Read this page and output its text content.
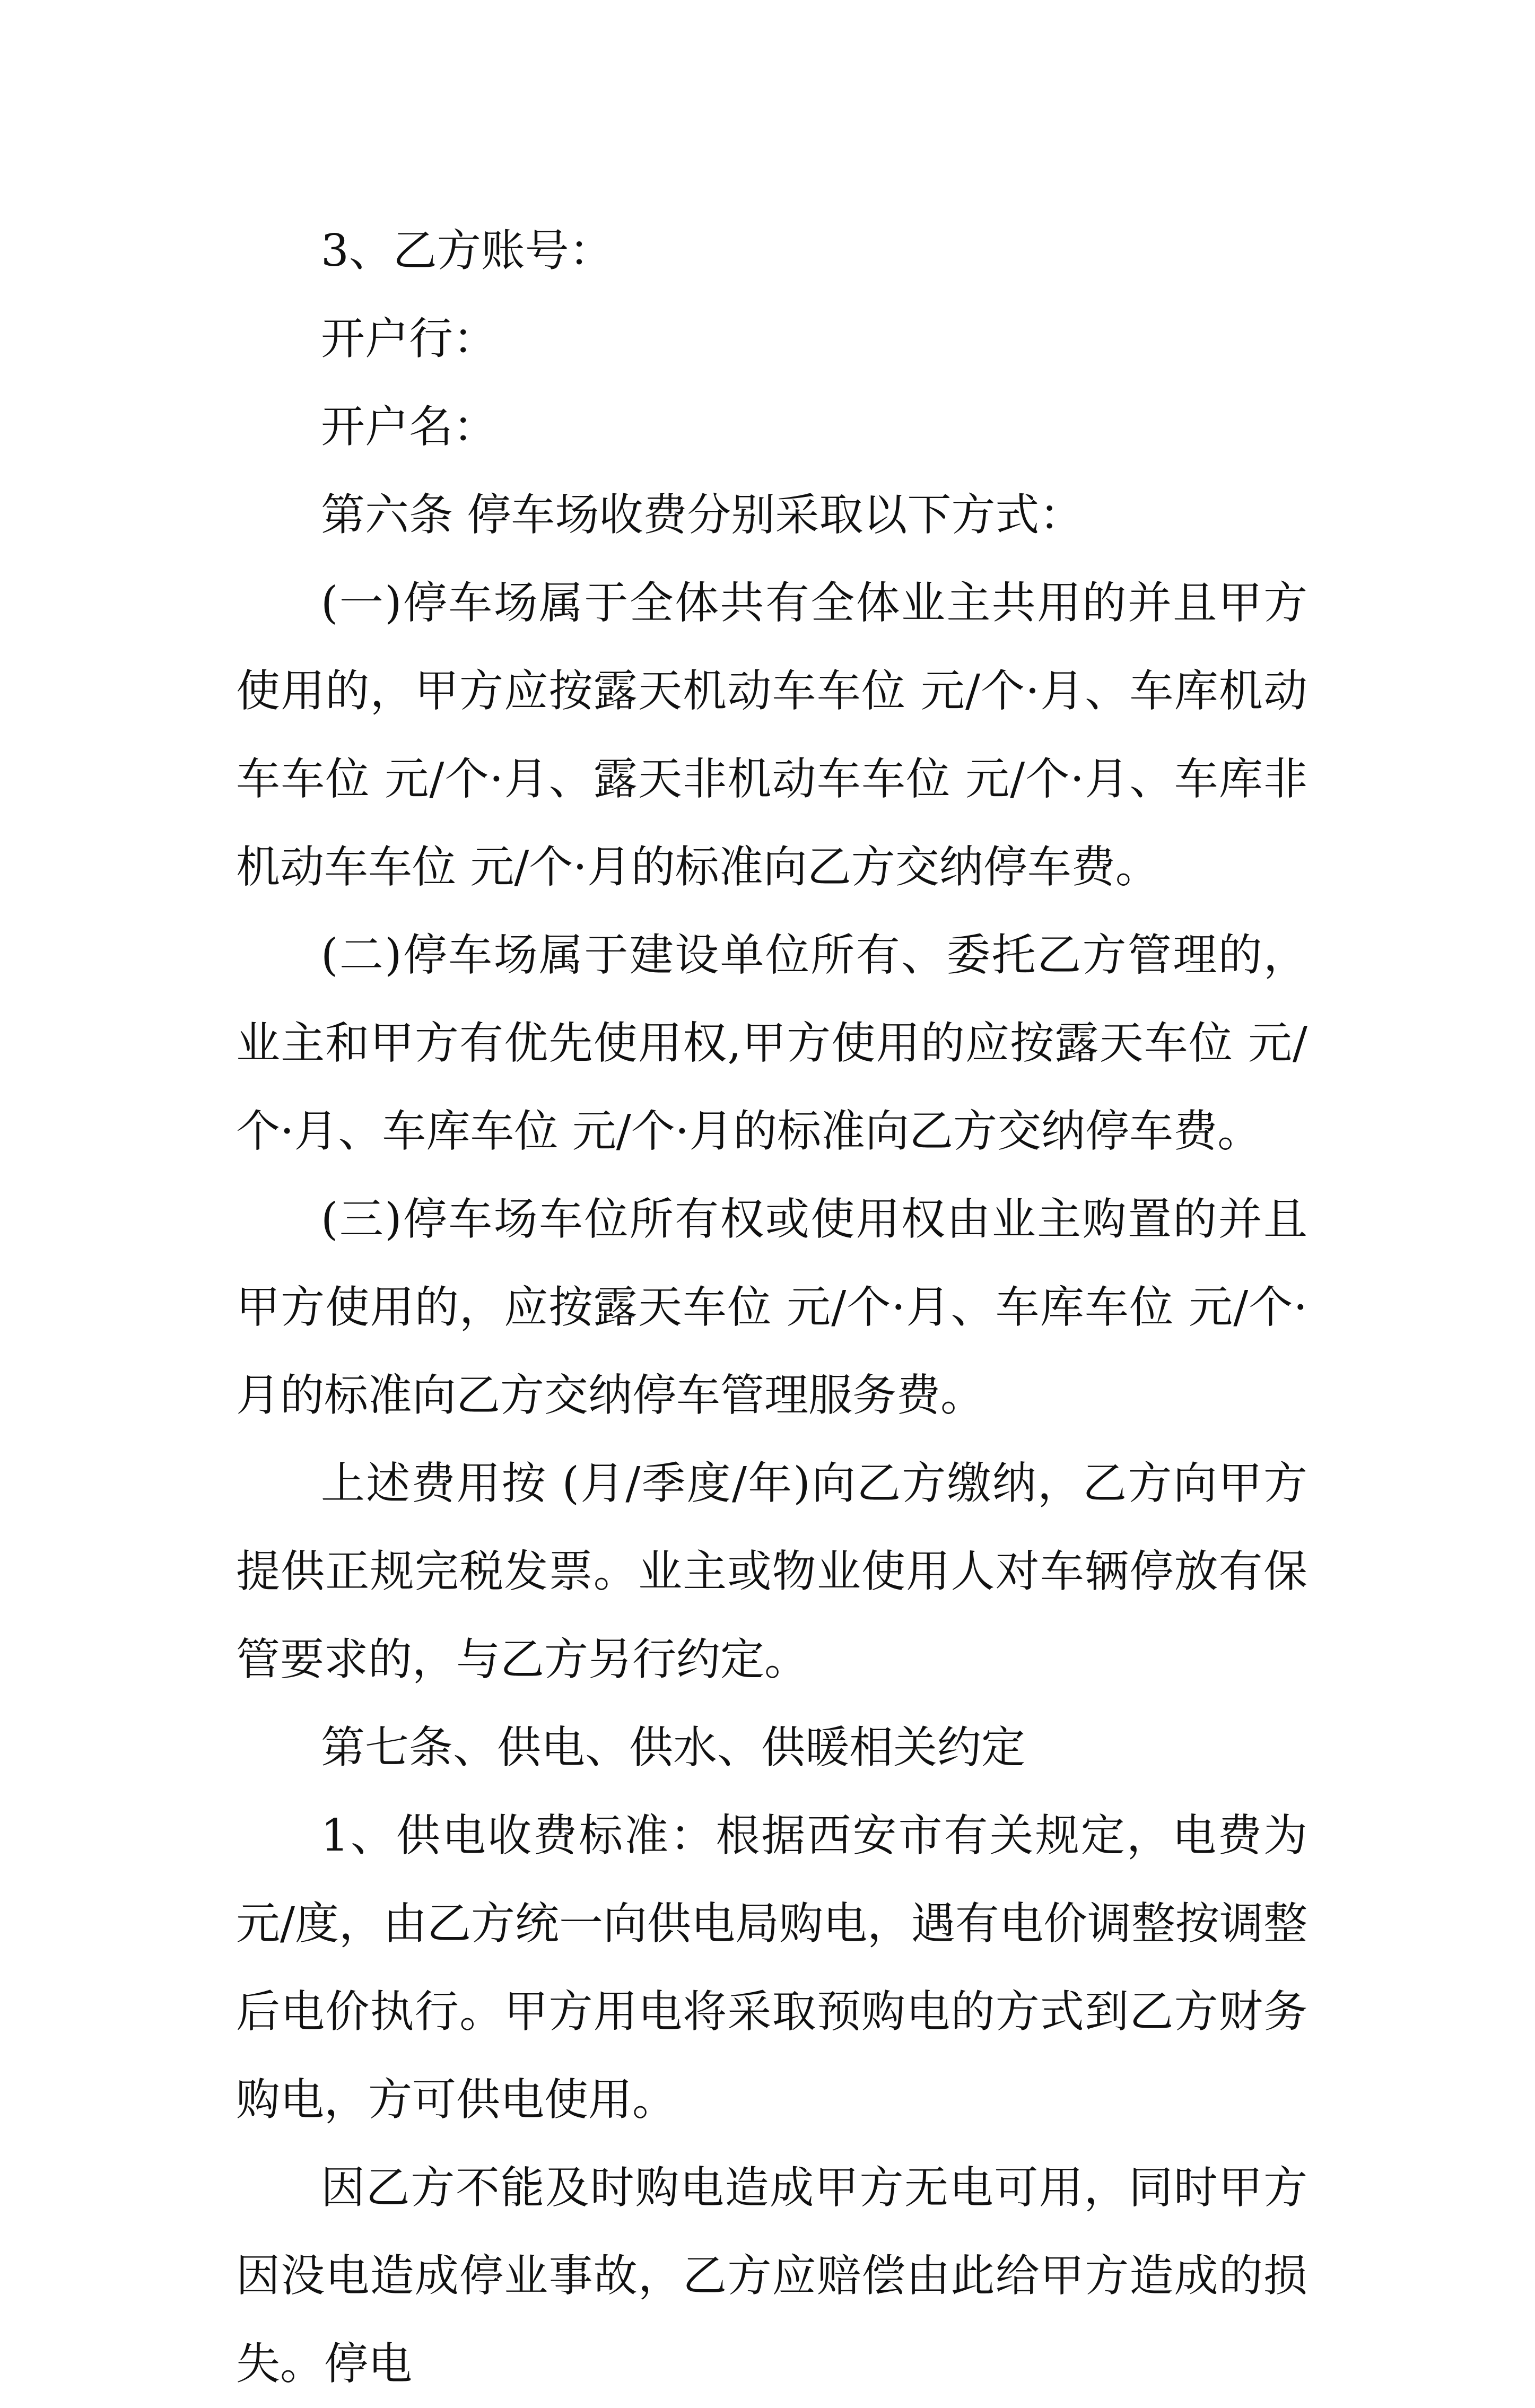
3、乙方账号：

开户行：

开户名：

第六条 停车场收费分别采取以下方式：

(一)停车场属于全体共有全体业主共用的并且甲方使用的，甲方应按露天机动车车位 元/个·月、车库机动车车位 元/个·月、露天非机动车车位 元/个·月、车库非机动车车位 元/个·月的标准向乙方交纳停车费。

(二)停车场属于建设单位所有、委托乙方管理的，业主和甲方有优先使用权,甲方使用的应按露天车位 元/个·月、车库车位 元/个·月的标准向乙方交纳停车费。

(三)停车场车位所有权或使用权由业主购置的并且甲方使用的，应按露天车位 元/个·月、车库车位 元/个·月的标准向乙方交纳停车管理服务费。

上述费用按 (月/季度/年)向乙方缴纳，乙方向甲方提供正规完税发票。业主或物业使用人对车辆停放有保管要求的，与乙方另行约定。

第七条、供电、供水、供暖相关约定

1、供电收费标准：根据西安市有关规定，电费为 元/度，由乙方统一向供电局购电，遇有电价调整按调整后电价执行。甲方用电将采取预购电的方式到乙方财务购电，方可供电使用。

因乙方不能及时购电造成甲方无电可用，同时甲方因没电造成停业事故，乙方应赔偿由此给甲方造成的损失。停电
